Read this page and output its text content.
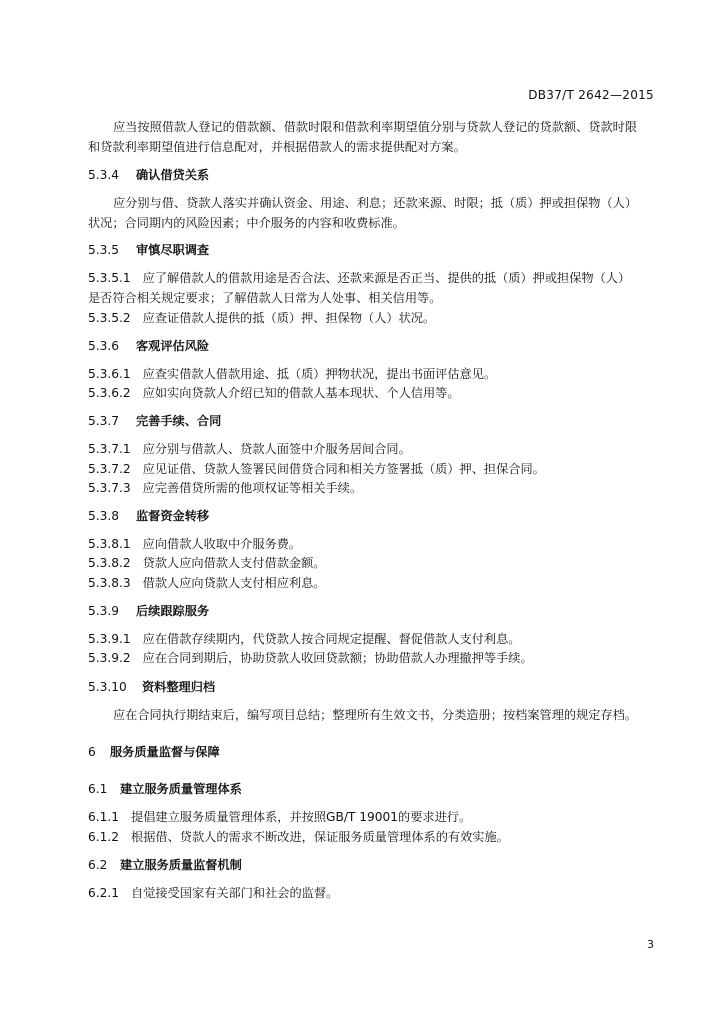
DB37/T 2642—2015
应当按照借款人登记的借款额、借款时限和借款利率期望值分别与贷款人登记的贷款额、贷款时限
和贷款利率期望值进行信息配对，并根据借款人的需求提供配对方案。
5.3.4 确认借贷关系
应分别与借、贷款人落实并确认资金、用途、利息；还款来源、时限；抵（质）押或担保物（人）
状况；合同期内的风险因素；中介服务的内容和收费标准。
5.3.5 审慎尽职调查
5.3.5.1 应了解借款人的借款用途是否合法、还款来源是否正当、提供的抵（质）押或担保物（人）
是否符合相关规定要求；了解借款人日常为人处事、相关信用等。
5.3.5.2 应查证借款人提供的抵（质）押、担保物（人）状况。
5.3.6 客观评估风险
5.3.6.1 应查实借款人借款用途、抵（质）押物状况，提出书面评估意见。
5.3.6.2 应如实向贷款人介绍已知的借款人基本现状、个人信用等。
5.3.7 完善手续、合同
5.3.7.1 应分别与借款人、贷款人面签中介服务居间合同。
5.3.7.2 应见证借、贷款人签署民间借贷合同和相关方签署抵（质）押、担保合同。
5.3.7.3 应完善借贷所需的他项权证等相关手续。
5.3.8 监督资金转移
5.3.8.1 应向借款人收取中介服务费。
5.3.8.2 贷款人应向借款人支付借款金额。
5.3.8.3 借款人应向贷款人支付相应利息。
5.3.9 后续跟踪服务
5.3.9.1 应在借款存续期内，代贷款人按合同规定提醒、督促借款人支付利息。
5.3.9.2 应在合同到期后，协助贷款人收回贷款额；协助借款人办理撤押等手续。
5.3.10 资料整理归档
应在合同执行期结束后，编写项目总结；整理所有生效文书，分类造册；按档案管理的规定存档。
6 服务质量监督与保障
6.1 建立服务质量管理体系
6.1.1 提倡建立服务质量管理体系，并按照GB/T 19001的要求进行。
6.1.2 根据借、贷款人的需求不断改进，保证服务质量管理体系的有效实施。
6.2 建立服务质量监督机制
6.2.1 自觉接受国家有关部门和社会的监督。
3
